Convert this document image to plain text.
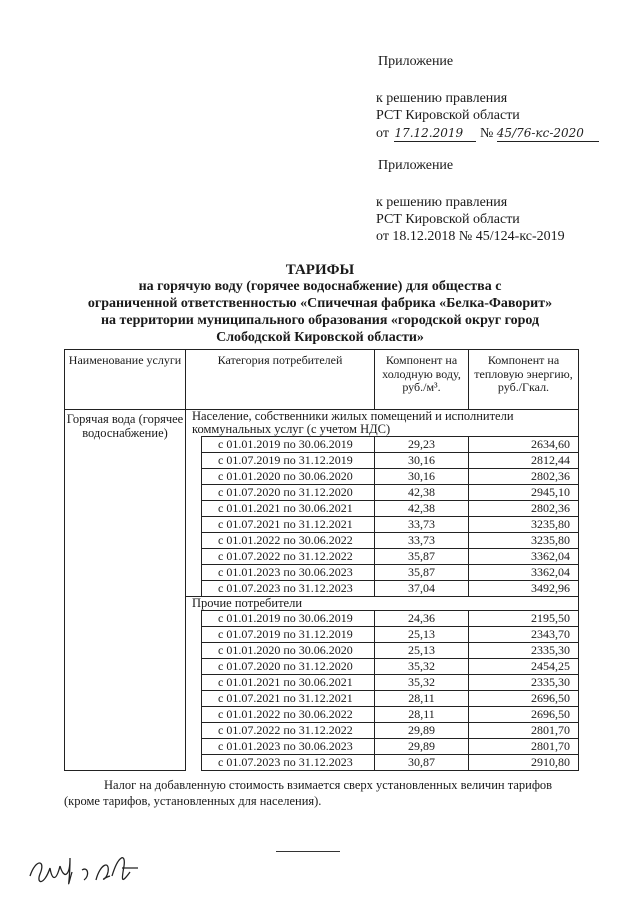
Приложение
к решению правления
РСТ Кировской области
от 17.12.2019 № 45/76-кс-2020
Приложение
к решению правления
РСТ Кировской области
от 18.12.2018 № 45/124-кс-2019
ТАРИФЫ
на горячую воду (горячее водоснабжение) для общества с
ограниченной ответственностью «Спичечная фабрика «Белка-Фаворит»
на территории муниципального образования «городской округ город
Слободской Кировской области»
Наименование услуги	Категория потребителей		Компонент на холодную воду, руб./м³.	Компонент на тепловую энергию, руб./Гкал.
Горячая вода (горячее водоснабжение)	Население, собственники жилых помещений и исполнители коммунальных услуг (с учетом НДС)			
		с 01.01.2019 по 30.06.2019	29,23	2634,60
		с 01.07.2019 по 31.12.2019	30,16	2812,44
		с 01.01.2020 по 30.06.2020	30,16	2802,36
		с 01.07.2020 по 31.12.2020	42,38	2945,10
		с 01.01.2021 по 30.06.2021	42,38	2802,36
		с 01.07.2021 по 31.12.2021	33,73	3235,80
		с 01.01.2022 по 30.06.2022	33,73	3235,80
		с 01.07.2022 по 31.12.2022	35,87	3362,04
		с 01.01.2023 по 30.06.2023	35,87	3362,04
		с 01.07.2023 по 31.12.2023	37,04	3492,96
	Прочие потребители			
		с 01.01.2019 по 30.06.2019	24,36	2195,50
		с 01.07.2019 по 31.12.2019	25,13	2343,70
		с 01.01.2020 по 30.06.2020	25,13	2335,30
		с 01.07.2020 по 31.12.2020	35,32	2454,25
		с 01.01.2021 по 30.06.2021	35,32	2335,30
		с 01.07.2021 по 31.12.2021	28,11	2696,50
		с 01.01.2022 по 30.06.2022	28,11	2696,50
		с 01.07.2022 по 31.12.2022	29,89	2801,70
		с 01.01.2023 по 30.06.2023	29,89	2801,70
		с 01.07.2023 по 31.12.2023	30,87	2910,80
Налог на добавленную стоимость взимается сверх установленных величин тарифов (кроме тарифов, установленных для населения).
